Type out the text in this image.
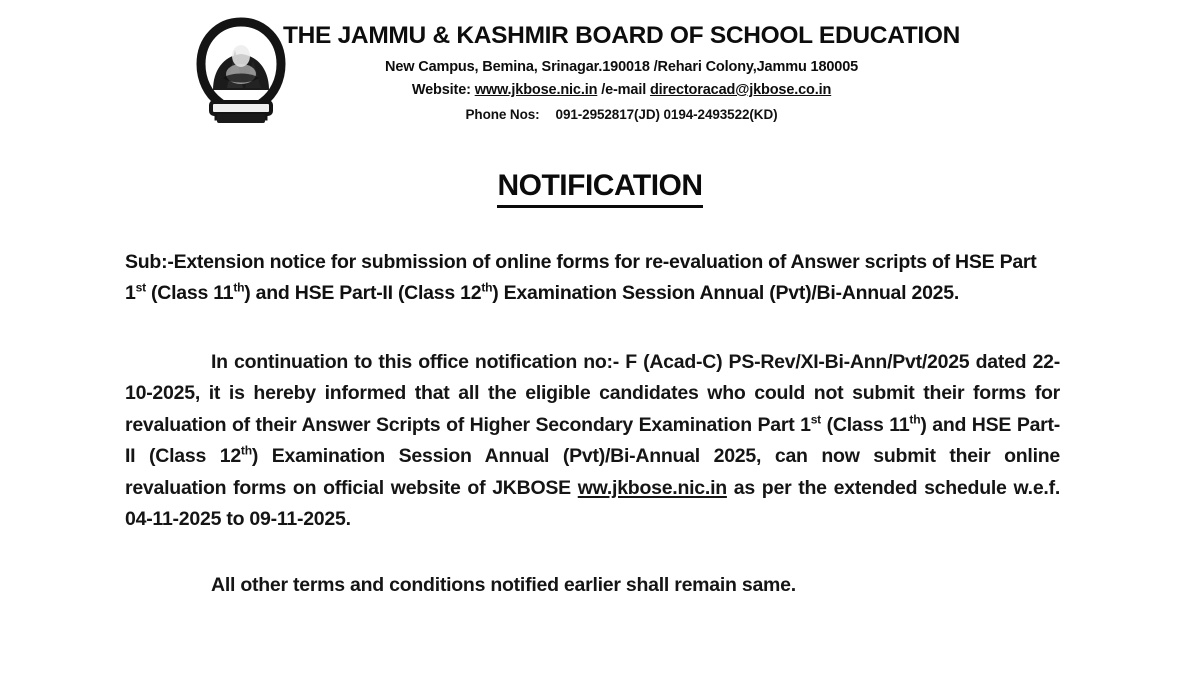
THE JAMMU & KASHMIR BOARD OF SCHOOL EDUCATION
New Campus, Bemina, Srinagar.190018 /Rehari Colony,Jammu 180005
Website: www.jkbose.nic.in /e-mail directoracad@jkbose.co.in
Phone Nos: 091-2952817(JD) 0194-2493522(KD)
NOTIFICATION
Sub:-Extension notice for submission of online forms for re-evaluation of Answer scripts of HSE Part 1st (Class 11th) and HSE Part-II (Class 12th) Examination Session Annual (Pvt)/Bi-Annual 2025.
In continuation to this office notification no:- F (Acad-C) PS-Rev/XI-Bi-Ann/Pvt/2025 dated 22-10-2025, it is hereby informed that all the eligible candidates who could not submit their forms for revaluation of their Answer Scripts of Higher Secondary Examination Part 1st (Class 11th) and HSE Part-II (Class 12th) Examination Session Annual (Pvt)/Bi-Annual 2025, can now submit their online revaluation forms on official website of JKBOSE ww.jkbose.nic.in as per the extended schedule w.e.f. 04-11-2025 to 09-11-2025.
All other terms and conditions notified earlier shall remain same.
